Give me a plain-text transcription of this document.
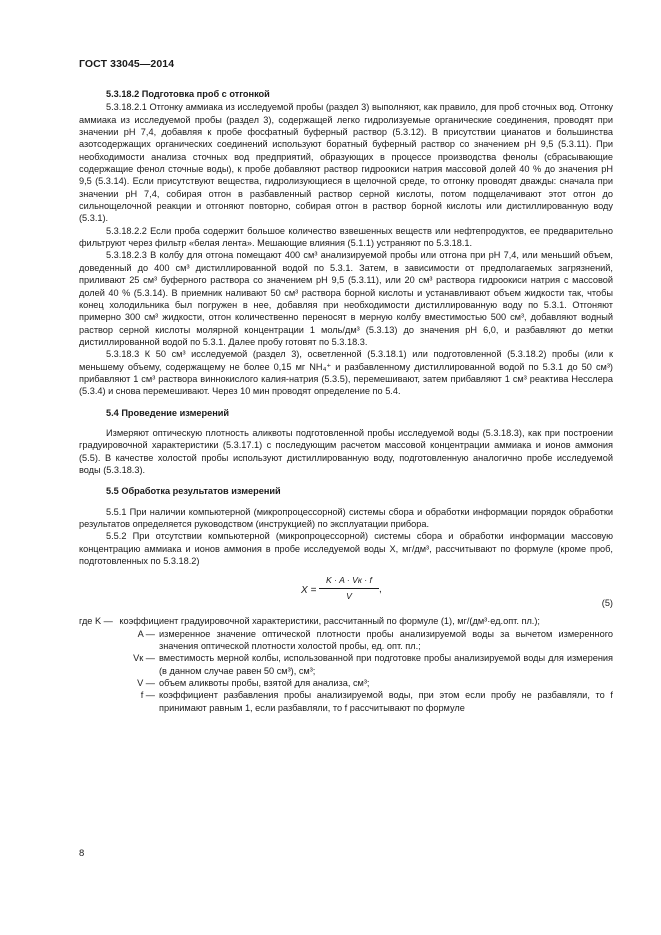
ГОСТ 33045—2014

5.3.18.2 Подготовка проб с отгонкой

5.3.18.2.1 Отгонку аммиака из исследуемой пробы (раздел 3) выполняют, как правило, для проб сточных вод. Отгонку аммиака из исследуемой пробы (раздел 3), содержащей легко гидролизуемые органические соединения, проводят при значении рН 7,4, добавляя к пробе фосфатный буферный раствор (5.3.12). В присутствии цианатов и большинства азотсодержащих органических соединений используют боратный буферный раствор со значением рН 9,5 (5.3.11). При необходимости анализа сточных вод предприятий, образующих в процессе производства фенолы (сбрасывающие содержащие фенол сточные воды), к пробе добавляют раствор гидроокиси натрия массовой долей 40 % до значения рН 9,5 (5.3.14). Если присутствуют вещества, гидролизующиеся в щелочной среде, то отгонку проводят дважды: сначала при значении рН 7,4, собирая отгон в разбавленный раствор серной кислоты, потом подщелачивают этот отгон до сильнощелочной реакции и отгоняют повторно, собирая отгон в раствор борной кислоты или дистиллированную воду (5.3.1).

5.3.18.2.2 Если проба содержит большое количество взвешенных веществ или нефтепродуктов, ее предварительно фильтруют через фильтр «белая лента». Мешающие влияния (5.1.1) устраняют по 5.3.18.1.

5.3.18.2.3 В колбу для отгона помещают 400 см³ анализируемой пробы или отгона при рН 7,4, или меньший объем, доведенный до 400 см³ дистиллированной водой по 5.3.1. Затем, в зависимости от предполагаемых загрязнений, приливают 25 см³ буферного раствора со значением рН 9,5 (5.3.11), или 20 см³ раствора гидроокиси натрия с массовой долей 40 % (5.3.14). В приемник наливают 50 см³ раствора борной кислоты и устанавливают объем жидкости так, чтобы конец холодильника был погружен в нее, добавляя при необходимости дистиллированную воду по 5.3.1. Отгоняют примерно 300 см³ жидкости, отгон количественно переносят в мерную колбу вместимостью 500 см³, добавляют водный раствор серной кислоты молярной концентрации 1 моль/дм³ (5.3.13) до значения рН 6,0, и разбавляют до метки дистиллированной водой по 5.3.1. Далее пробу готовят по 5.3.18.3.

5.3.18.3 К 50 см³ исследуемой (раздел 3), осветленной (5.3.18.1) или подготовленной (5.3.18.2) пробы (или к меньшему объему, содержащему не более 0,15 мг NH₄⁺ и разбавленному дистиллированной водой по 5.3.1 до 50 см³) прибавляют 1 см³ раствора виннокислого калия-натрия (5.3.5), перемешивают, затем прибавляют 1 см³ реактива Несслера (5.3.4) и снова перемешивают. Через 10 мин проводят определение по 5.4.

5.4 Проведение измерений

Измеряют оптическую плотность аликвоты подготовленной пробы исследуемой воды (5.3.18.3), как при построении градуировочной характеристики (5.3.17.1) с последующим расчетом массовой концентрации аммиака и ионов аммония (5.5). В качестве холостой пробы используют дистиллированную воду, подготовленную аналогично пробе исследуемой воды (5.3.18.3).

5.5 Обработка результатов измерений

5.5.1 При наличии компьютерной (микропроцессорной) системы сбора и обработки информации порядок обработки результатов определяется руководством (инструкцией) по эксплуатации прибора.

5.5.2 При отсутствии компьютерной (микропроцессорной) системы сбора и обработки информации массовую концентрацию аммиака и ионов аммония в пробе исследуемой воды X, мг/дм³, рассчитывают по формуле (кроме проб, подготовленных по 5.3.18.2)

X =
K · A · Vк · f
V
,
(5)
где K — коэффициент градуировочной характеристики, рассчитанный по формуле (1), мг/(дм³·ед.опт. пл.);
A — измеренное значение оптической плотности пробы анализируемой воды за вычетом измеренного значения оптической плотности холостой пробы, ед. опт. пл.;
Vк — вместимость мерной колбы, использованной при подготовке пробы анализируемой воды для измерения (в данном случае равен 50 см³), см³;
V — объем аликвоты пробы, взятой для анализа, см³;
f — коэффициент разбавления пробы анализируемой воды, при этом если пробу не разбавляли, то f принимают равным 1, если разбавляли, то f рассчитывают по формуле
8
